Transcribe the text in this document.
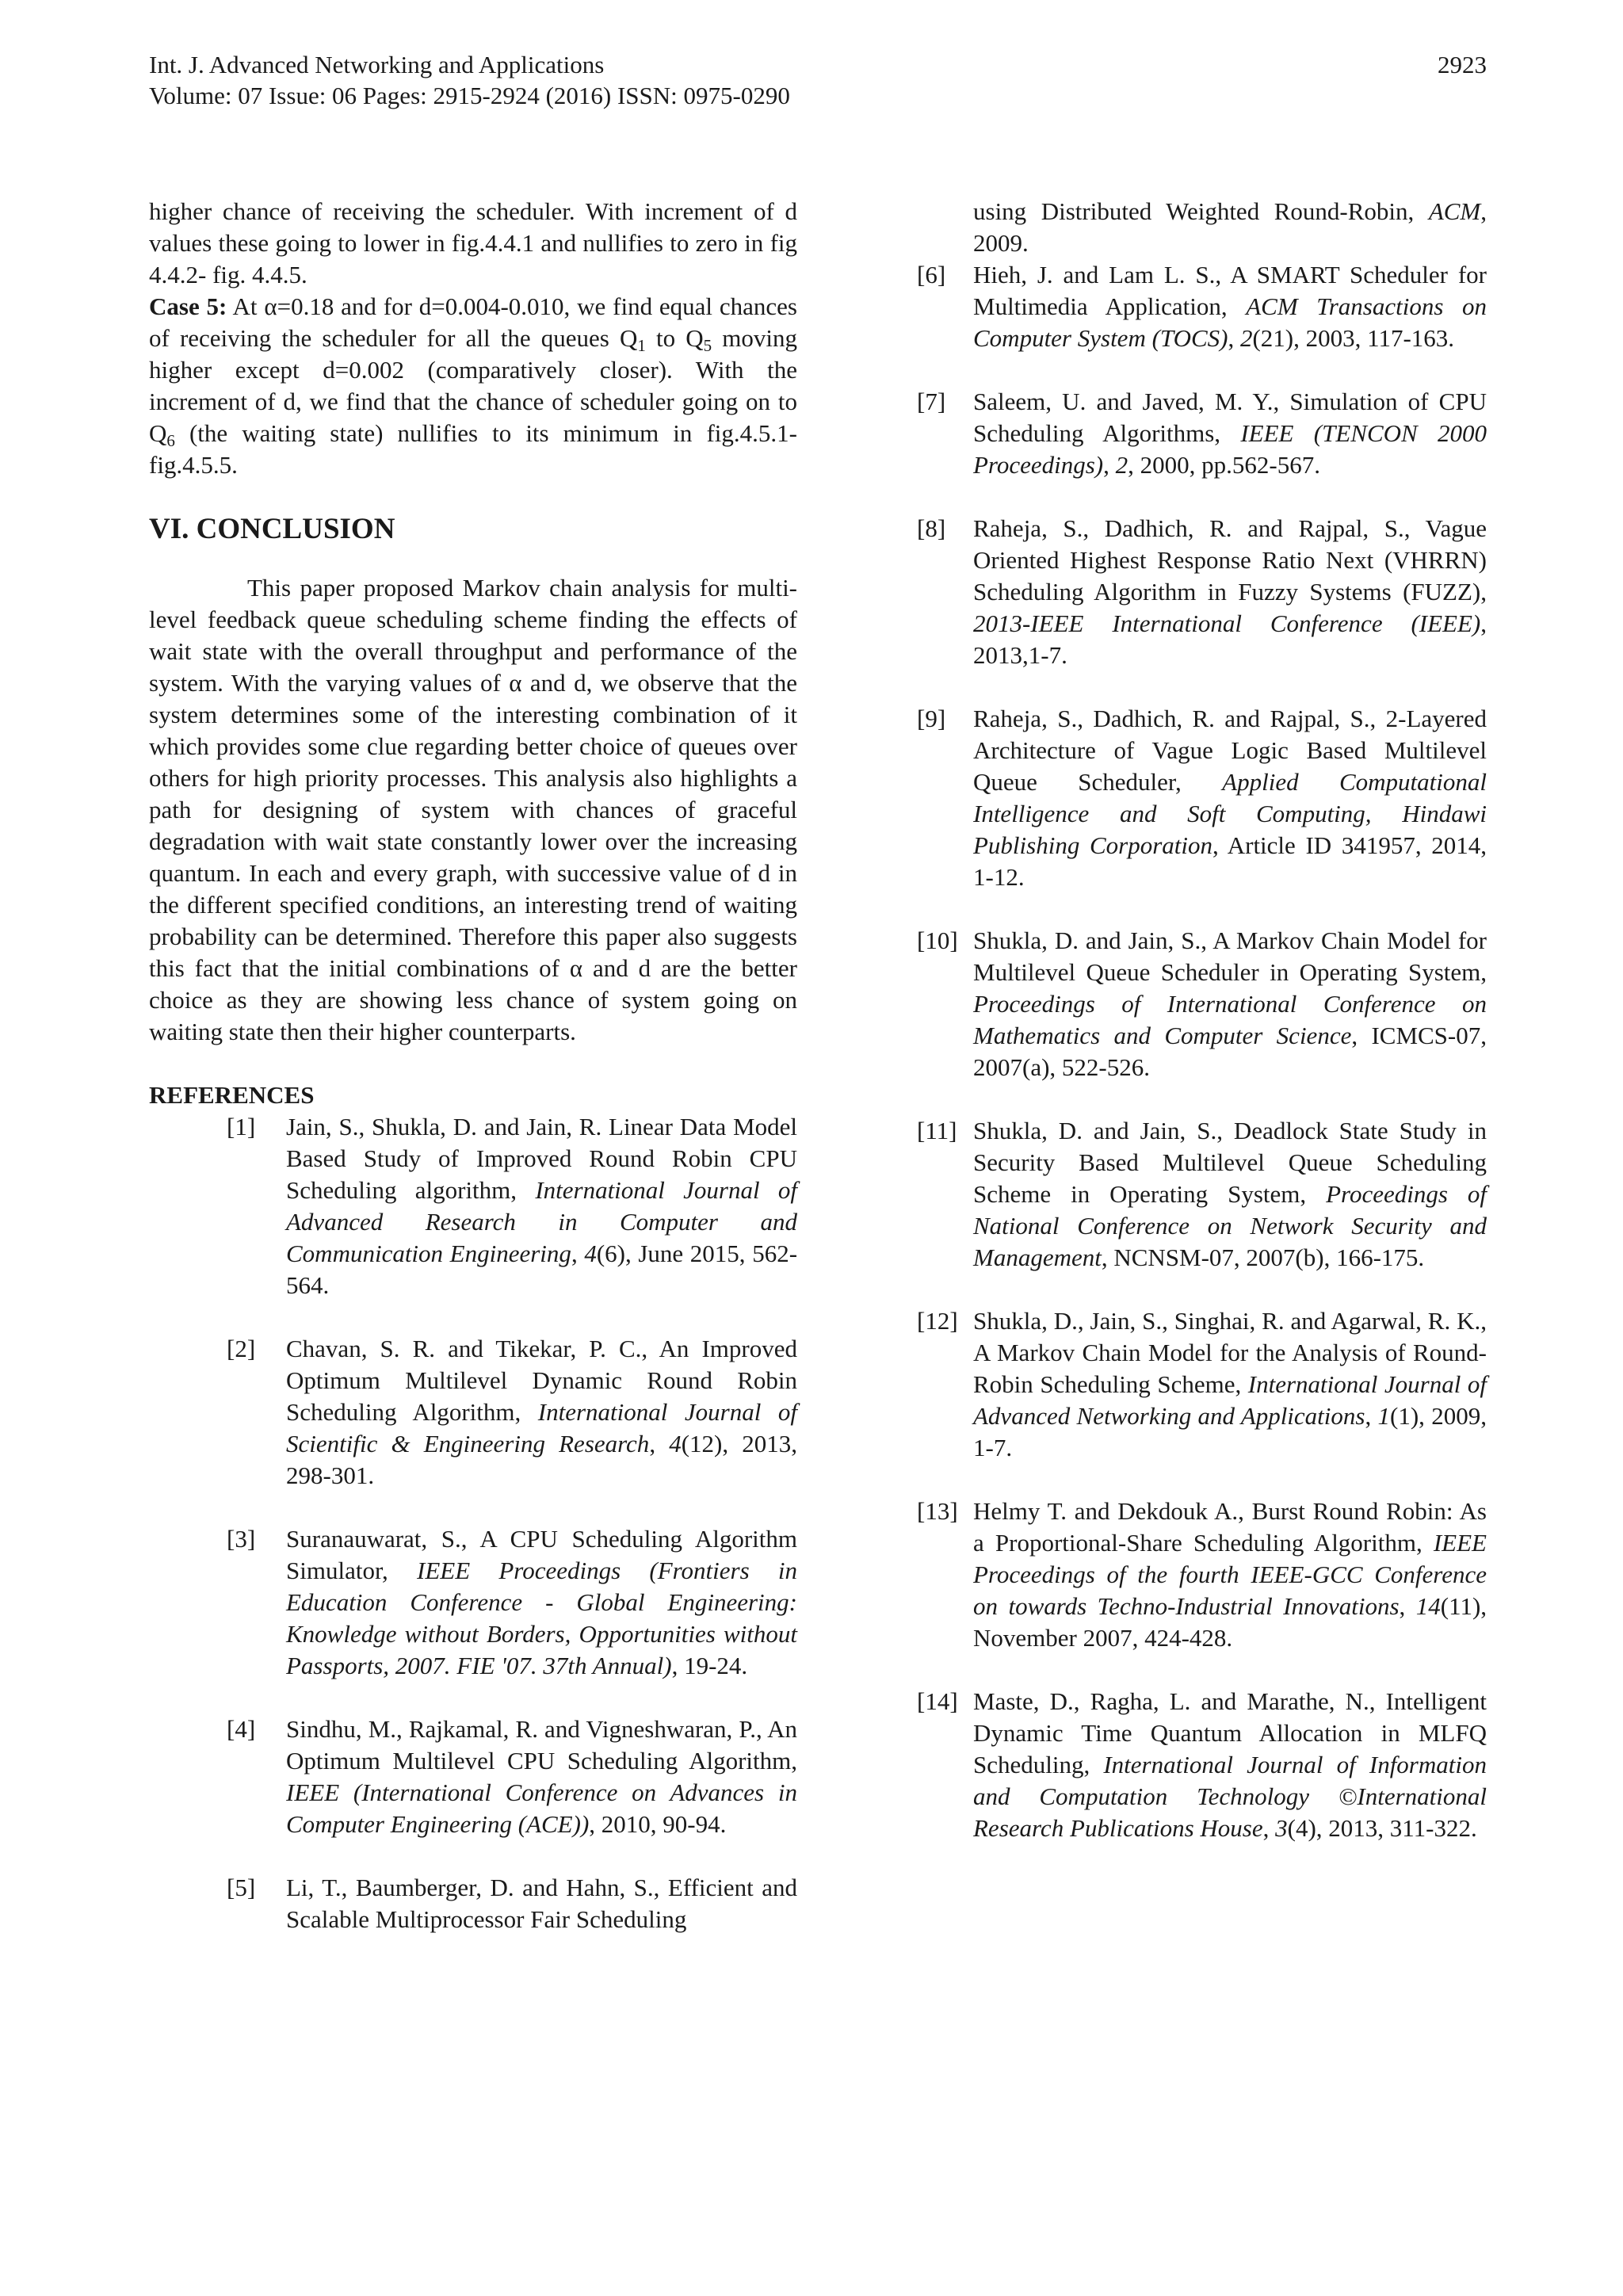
Int. J. Advanced Networking and Applications
Volume: 07 Issue: 06 Pages: 2915-2924 (2016) ISSN: 0975-0290
2923

higher chance of receiving the scheduler. With increment of d values these going to lower in fig.4.4.1 and nullifies to zero in fig 4.4.2- fig. 4.4.5.

Case 5: At α=0.18 and for d=0.004-0.010, we find equal chances of receiving the scheduler for all the queues $Q_1$ to $Q_5$ moving higher except d=0.002 (comparatively closer). With the increment of d, we find that the chance of scheduler going on to $Q_6$ (the waiting state) nullifies to its minimum in fig.4.5.1-fig.4.5.5.

VI. CONCLUSION

This paper proposed Markov chain analysis for multi-level feedback queue scheduling scheme finding the effects of wait state with the overall throughput and performance of the system. With the varying values of α and d, we observe that the system determines some of the interesting combination of it which provides some clue regarding better choice of queues over others for high priority processes. This analysis also highlights a path for designing of system with chances of graceful degradation with wait state constantly lower over the increasing quantum. In each and every graph, with successive value of d in the different specified conditions, an interesting trend of waiting probability can be determined. Therefore this paper also suggests this fact that the initial combinations of α and d are the better choice as they are showing less chance of system going on waiting state then their higher counterparts.

REFERENCES
[1] Jain, S., Shukla, D. and Jain, R. Linear Data Model Based Study of Improved Round Robin CPU Scheduling algorithm, International Journal of Advanced Research in Computer and Communication Engineering, 4(6), June 2015, 562-564.
[2] Chavan, S. R. and Tikekar, P. C., An Improved Optimum Multilevel Dynamic Round Robin Scheduling Algorithm, International Journal of Scientific & Engineering Research, 4(12), 2013, 298-301.
[3] Suranauwarat, S., A CPU Scheduling Algorithm Simulator, IEEE Proceedings (Frontiers in Education Conference - Global Engineering: Knowledge without Borders, Opportunities without Passports, 2007. FIE '07. 37th Annual), 19-24.
[4] Sindhu, M., Rajkamal, R. and Vigneshwaran, P., An Optimum Multilevel CPU Scheduling Algorithm, IEEE (International Conference on Advances in Computer Engineering (ACE)), 2010, 90-94.
[5] Li, T., Baumberger, D. and Hahn, S., Efficient and Scalable Multiprocessor Fair Scheduling
using Distributed Weighted Round-Robin, ACM, 2009.
[6] Hieh, J. and Lam L. S., A SMART Scheduler for Multimedia Application, ACM Transactions on Computer System (TOCS), 2(21), 2003, 117-163.
[7] Saleem, U. and Javed, M. Y., Simulation of CPU Scheduling Algorithms, IEEE (TENCON 2000 Proceedings), 2, 2000, pp.562-567.
[8] Raheja, S., Dadhich, R. and Rajpal, S., Vague Oriented Highest Response Ratio Next (VHRRN) Scheduling Algorithm in Fuzzy Systems (FUZZ), 2013-IEEE International Conference (IEEE), 2013,1-7.
[9] Raheja, S., Dadhich, R. and Rajpal, S., 2-Layered Architecture of Vague Logic Based Multilevel Queue Scheduler, Applied Computational Intelligence and Soft Computing, Hindawi Publishing Corporation, Article ID 341957, 2014, 1-12.
[10] Shukla, D. and Jain, S., A Markov Chain Model for Multilevel Queue Scheduler in Operating System, Proceedings of International Conference on Mathematics and Computer Science, ICMCS-07, 2007(a), 522-526.
[11] Shukla, D. and Jain, S., Deadlock State Study in Security Based Multilevel Queue Scheduling Scheme in Operating System, Proceedings of National Conference on Network Security and Management, NCNSM-07, 2007(b), 166-175.
[12] Shukla, D., Jain, S., Singhai, R. and Agarwal, R. K., A Markov Chain Model for the Analysis of Round-Robin Scheduling Scheme, International Journal of Advanced Networking and Applications, 1(1), 2009, 1-7.
[13] Helmy T. and Dekdouk A., Burst Round Robin: As a Proportional-Share Scheduling Algorithm, IEEE Proceedings of the fourth IEEE-GCC Conference on towards Techno-Industrial Innovations, 14(11), November 2007, 424-428.
[14] Maste, D., Ragha, L. and Marathe, N., Intelligent Dynamic Time Quantum Allocation in MLFQ Scheduling, International Journal of Information and Computation Technology ©International Research Publications House, 3(4), 2013, 311-322.
